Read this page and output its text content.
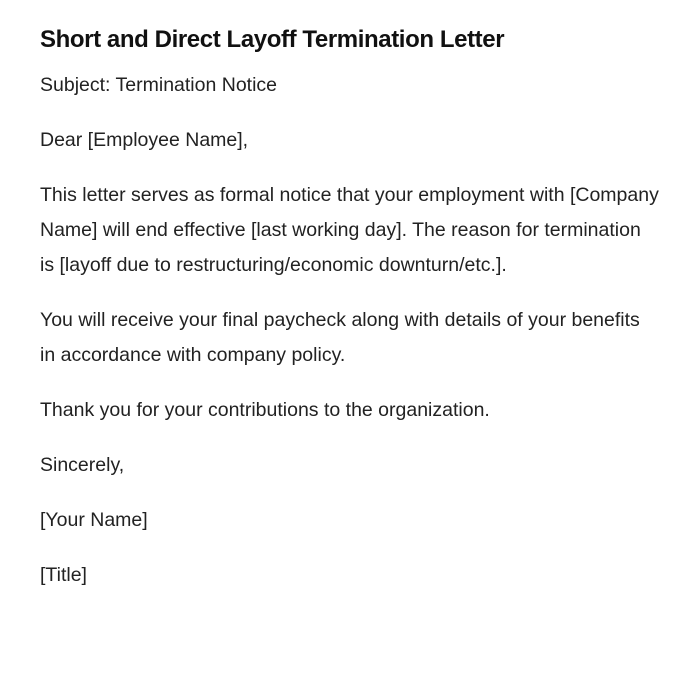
Short and Direct Layoff Termination Letter

Subject: Termination Notice

Dear [Employee Name],

This letter serves as formal notice that your employment with [Company Name] will end effective [last working day]. The reason for termination is [layoff due to restructuring/economic downturn/etc.].

You will receive your final paycheck along with details of your benefits in accordance with company policy.

Thank you for your contributions to the organization.

Sincerely,

[Your Name]

[Title]
